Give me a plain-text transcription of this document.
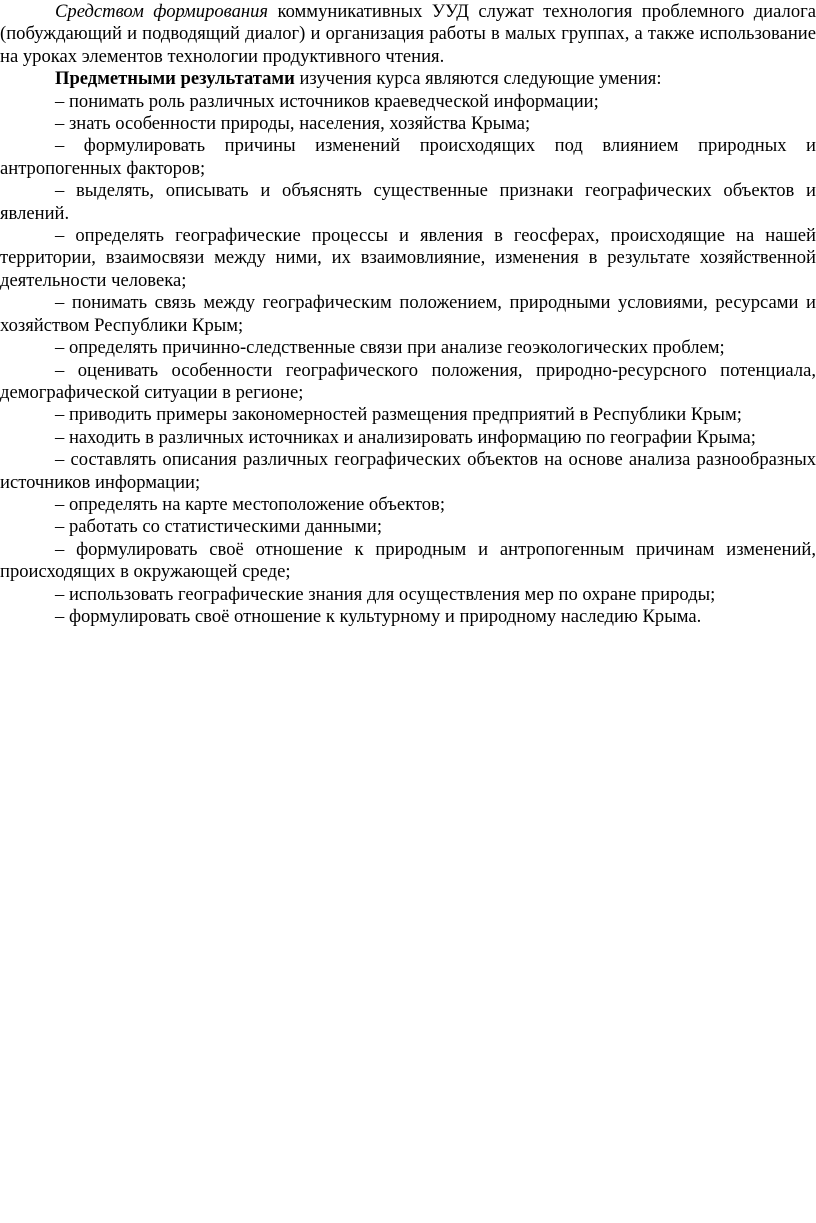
Средством формирования коммуникативных УУД служат технология проблемного диалога (побуждающий и подводящий диалог) и организация работы в малых группах, а также использование на уроках элементов технологии продуктивного чтения.

Предметными результатами изучения курса являются следующие умения:

– понимать роль различных источников краеведческой информации;

– знать особенности природы, населения, хозяйства Крыма;

– формулировать причины изменений происходящих под влиянием природных и антропогенных факторов;

– выделять, описывать и объяснять существенные признаки географических объектов и явлений.

– определять географические процессы и явления в геосферах, происходящие на нашей территории, взаимосвязи между ними, их взаимовлияние, изменения в результате хозяйственной деятельности человека;

– понимать связь между географическим положением, природными условиями, ресурсами и хозяйством Республики Крым;

– определять причинно-следственные связи при анализе геоэкологических проблем;

– оценивать особенности географического положения, природно-ресурсного потенциала, демографической ситуации в регионе;

– приводить примеры закономерностей размещения предприятий в Республики Крым;

– находить в различных источниках и анализировать информацию по географии Крыма;

– составлять описания различных географических объектов на основе анализа разнообразных источников информации;

– определять на карте местоположение объектов;

– работать со статистическими данными;

– формулировать своё отношение к природным и антропогенным причинам изменений, происходящих в окружающей среде;

– использовать географические знания для осуществления мер по охране природы;

– формулировать своё отношение к культурному и природному наследию Крыма.
